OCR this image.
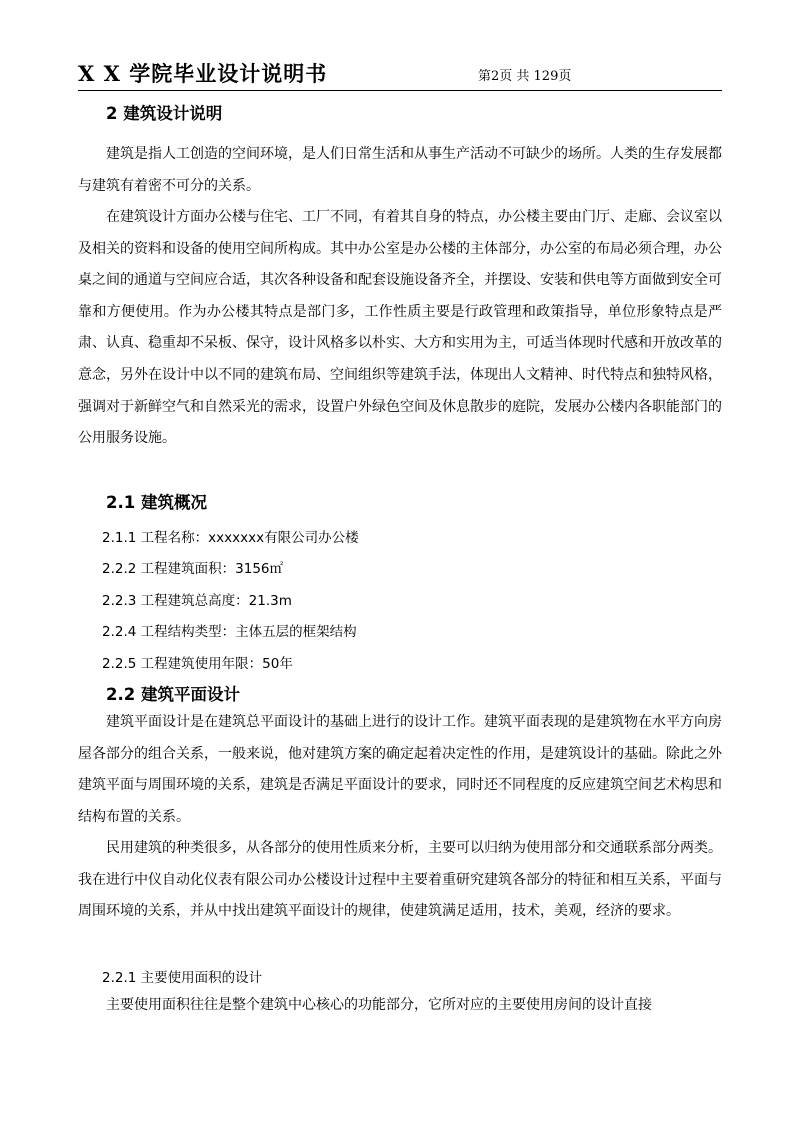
X X 学院毕业设计说明书	第2页 共 129页
2 建筑设计说明

建筑是指人工创造的空间环境，是人们日常生活和从事生产活动不可缺少的场所。人类的生存发展都与建筑有着密不可分的关系。

在建筑设计方面办公楼与住宅、工厂不同，有着其自身的特点，办公楼主要由门厅、走廊、会议室以及相关的资料和设备的使用空间所构成。其中办公室是办公楼的主体部分，办公室的布局必须合理，办公桌之间的通道与空间应合适，其次各种设备和配套设施设备齐全，并摆设、安装和供电等方面做到安全可靠和方便使用。作为办公楼其特点是部门多，工作性质主要是行政管理和政策指导，单位形象特点是严肃、认真、稳重却不呆板、保守，设计风格多以朴实、大方和实用为主，可适当体现时代感和开放改革的意念，另外在设计中以不同的建筑布局、空间组织等建筑手法，体现出人文精神、时代特点和独特风格，强调对于新鲜空气和自然采光的需求，设置户外绿色空间及休息散步的庭院，发展办公楼内各职能部门的公用服务设施。

2.1 建筑概况
2.1.1 工程名称：xxxxxxx有限公司办公楼
2.2.2 工程建筑面积：3156㎡
2.2.3 工程建筑总高度：21.3m
2.2.4 工程结构类型：主体五层的框架结构
2.2.5 工程建筑使用年限：50年
2.2 建筑平面设计

建筑平面设计是在建筑总平面设计的基础上进行的设计工作。建筑平面表现的是建筑物在水平方向房屋各部分的组合关系，一般来说，他对建筑方案的确定起着决定性的作用，是建筑设计的基础。除此之外建筑平面与周围环境的关系，建筑是否满足平面设计的要求，同时还不同程度的反应建筑空间艺术构思和结构布置的关系。

民用建筑的种类很多，从各部分的使用性质来分析，主要可以归纳为使用部分和交通联系部分两类。我在进行中仪自动化仪表有限公司办公楼设计过程中主要着重研究建筑各部分的特征和相互关系，平面与周围环境的关系，并从中找出建筑平面设计的规律，使建筑满足适用，技术，美观，经济的要求。

2.2.1 主要使用面积的设计

主要使用面积往往是整个建筑中心核心的功能部分，它所对应的主要使用房间的设计直接
